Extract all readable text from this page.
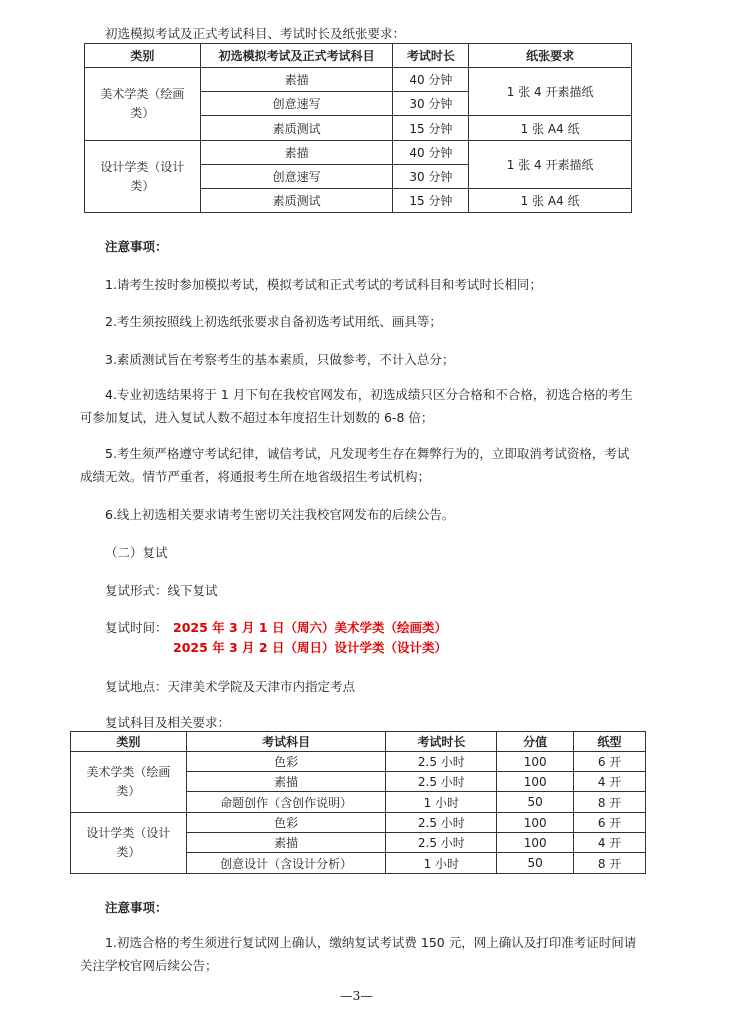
初选模拟考试及正式考试科目、考试时长及纸张要求：
类别	初选模拟考试及正式考试科目	考试时长	纸张要求
美术学类（绘画类）	素描	40 分钟	1 张 4 开素描纸
	创意速写	30 分钟	
	素质测试	15 分钟	1 张 A4 纸
设计学类（设计类）	素描	40 分钟	1 张 4 开素描纸
	创意速写	30 分钟	
	素质测试	15 分钟	1 张 A4 纸
注意事项：
1.请考生按时参加模拟考试，模拟考试和正式考试的考试科目和考试时长相同；
2.考生须按照线上初选纸张要求自备初选考试用纸、画具等；
3.素质测试旨在考察考生的基本素质，只做参考，不计入总分；

4.专业初选结果将于 1 月下旬在我校官网发布，初选成绩只区分合格和不合格，初选合格的考生可参加复试，进入复试人数不超过本年度招生计划数的 6-8 倍；

5.考生须严格遵守考试纪律，诚信考试，凡发现考生存在舞弊行为的，立即取消考试资格，考试成绩无效。情节严重者，将通报考生所在地省级招生考试机构；

6.线上初选相关要求请考生密切关注我校官网发布的后续公告。
（二）复试
复试形式：线下复试
复试时间： 2025 年 3 月 1 日（周六）美术学类（绘画类）
2025 年 3 月 2 日（周日）设计学类（设计类）
复试地点：天津美术学院及天津市内指定考点
复试科目及相关要求：
类别	考试科目	考试时长	分值	纸型
美术学类（绘画类）	色彩	2.5 小时	100	6 开
	素描	2.5 小时	100	4 开
	命题创作（含创作说明）	1 小时	50	8 开
设计学类（设计类）	色彩	2.5 小时	100	6 开
	素描	2.5 小时	100	4 开
	创意设计（含设计分析）	1 小时	50	8 开
注意事项：

1.初选合格的考生须进行复试网上确认，缴纳复试考试费 150 元，网上确认及打印准考证时间请关注学校官网后续公告；

—3—
